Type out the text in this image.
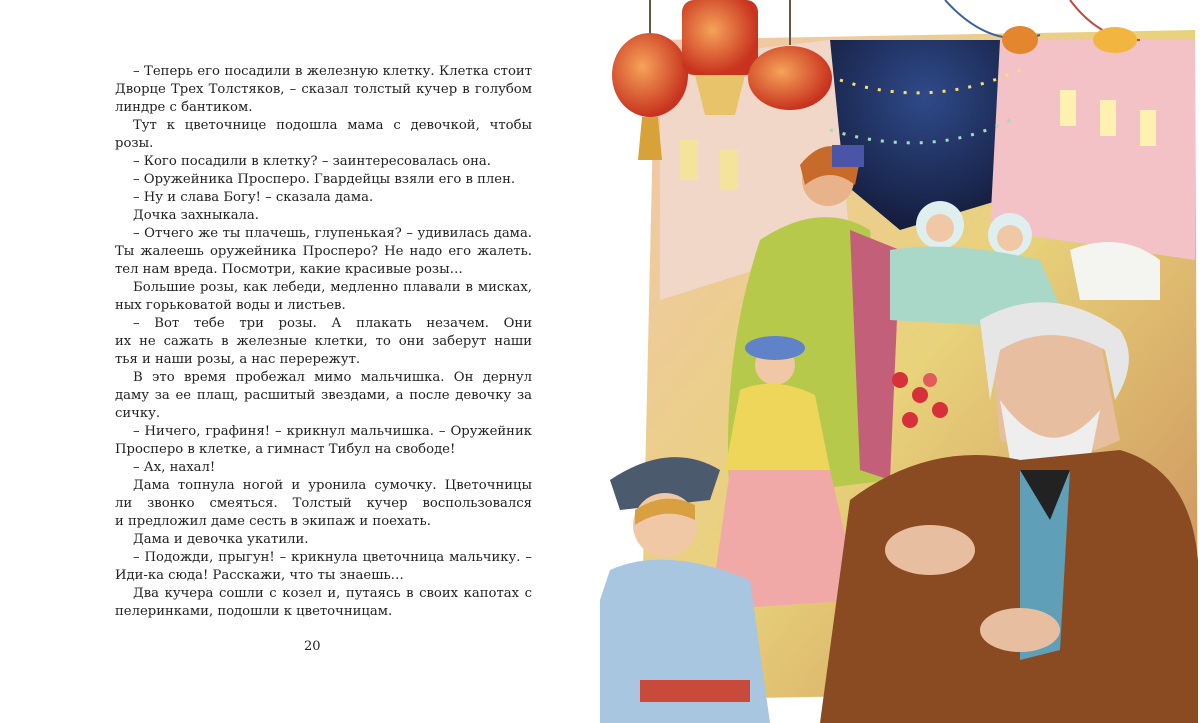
– Теперь его посадили в железную клетку. Клетка стоит
Дворце Трех Толстяков, – сказал толстый кучер в голубом
линдре с бантиком.
Тут к цветочнице подошла мама с девочкой, чтобы
розы.
– Кого посадили в клетку? – заинтересовалась она.
– Оружейника Просперо. Гвардейцы взяли его в плен.
– Ну и слава Богу! – сказала дама.
Дочка захныкала.
– Отчего же ты плачешь, глупенькая? – удивилась дама.
Ты жалеешь оружейника Просперо? Не надо его жалеть.
тел нам вреда. Посмотри, какие красивые розы…
Большие розы, как лебеди, медленно плавали в мисках,
ных горьковатой воды и листьев.
– Вот тебе три розы. А плакать незачем. Они
их не сажать в железные клетки, то они заберут наши
тья и наши розы, а нас перережут.
В это время пробежал мимо мальчишка. Он дернул
даму за ее плащ, расшитый звездами, а после девочку за
сичку.
– Ничего, графиня! – крикнул мальчишка. – Оружейник
Просперо в клетке, а гимнаст Тибул на свободе!
– Ах, нахал!
Дама топнула ногой и уронила сумочку. Цветочницы
ли звонко смеяться. Толстый кучер воспользовался
и предложил даме сесть в экипаж и поехать.
Дама и девочка укатили.
– Подожди, прыгун! – крикнула цветочница мальчику. –
Иди-ка сюда! Расскажи, что ты знаешь…
Два кучера сошли с козел и, путаясь в своих капотах с
пелеринками, подошли к цветочницам.
20
